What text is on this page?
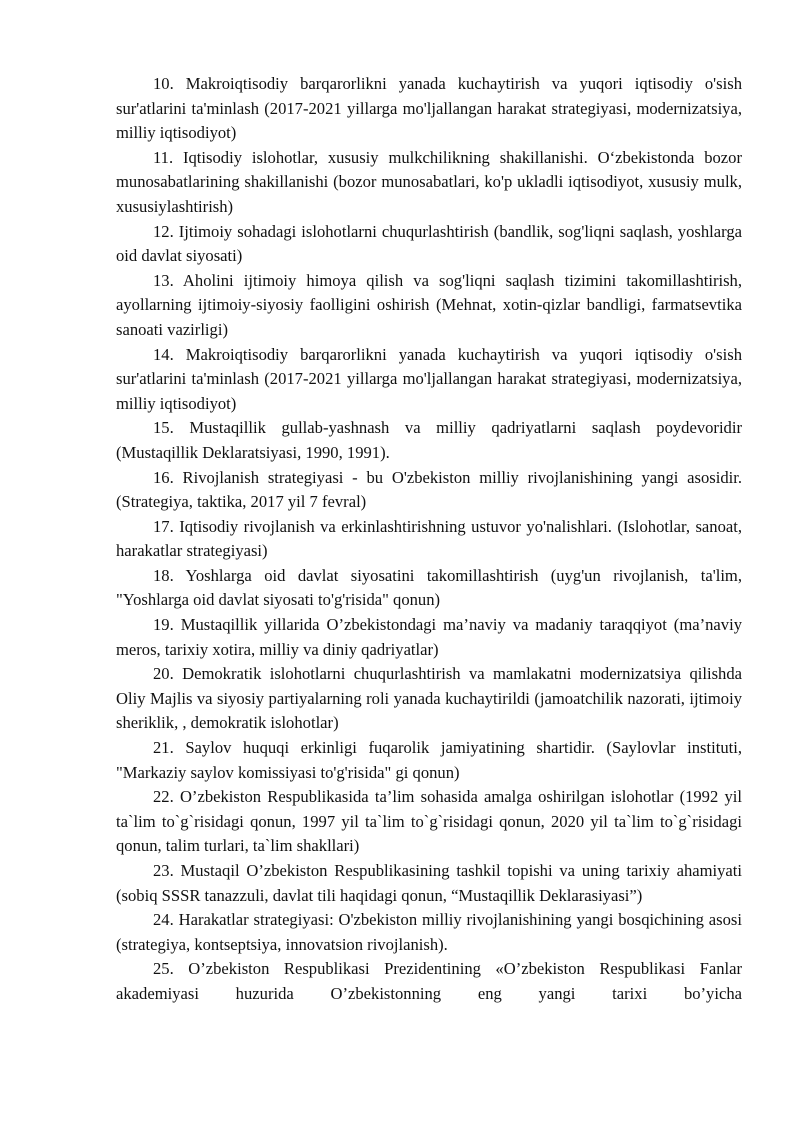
10. Makroiqtisodiy barqarorlikni yanada kuchaytirish va yuqori iqtisodiy o'sish sur'atlarini ta'minlash (2017-2021 yillarga mo'ljallangan harakat strategiyasi, modernizatsiya, milliy iqtisodiyot)

11. Iqtisodiy islohotlar, xususiy mulkchilikning shakillanishi. O‘zbekistonda bozor munosabatlarining shakillanishi (bozor munosabatlari, ko'p ukladli iqtisodiyot, xususiy mulk, xususiylashtirish)

12. Ijtimoiy sohadagi islohotlarni chuqurlashtirish (bandlik, sog'liqni saqlash, yoshlarga oid davlat siyosati)

13. Aholini ijtimoiy himoya qilish va sog'liqni saqlash tizimini takomillashtirish, ayollarning ijtimoiy-siyosiy faolligini oshirish (Mehnat, xotin-qizlar bandligi, farmatsevtika sanoati vazirligi)

14. Makroiqtisodiy barqarorlikni yanada kuchaytirish va yuqori iqtisodiy o'sish sur'atlarini ta'minlash (2017-2021 yillarga mo'ljallangan harakat strategiyasi, modernizatsiya, milliy iqtisodiyot)

15. Mustaqillik gullab-yashnash va milliy qadriyatlarni saqlash poydevoridir (Mustaqillik Deklaratsiyasi, 1990, 1991).

16. Rivojlanish strategiyasi - bu O'zbekiston milliy rivojlanishining yangi asosidir. (Strategiya, taktika, 2017 yil 7 fevral)

17. Iqtisodiy rivojlanish va erkinlashtirishning ustuvor yo'nalishlari. (Islohotlar, sanoat, harakatlar strategiyasi)

18. Yoshlarga oid davlat siyosatini takomillashtirish (uyg'un rivojlanish, ta'lim, "Yoshlarga oid davlat siyosati to'g'risida" qonun)

19. Mustaqillik yillarida O’zbekistondagi ma’naviy va madaniy taraqqiyot (ma’naviy meros, tarixiy xotira, milliy va diniy qadriyatlar)

20. Demokratik islohotlarni chuqurlashtirish va mamlakatni modernizatsiya qilishda Oliy Majlis va siyosiy partiyalarning roli yanada kuchaytirildi (jamoatchilik nazorati, ijtimoiy sheriklik, , demokratik islohotlar)

21. Saylov huquqi erkinligi fuqarolik jamiyatining shartidir. (Saylovlar instituti, "Markaziy saylov komissiyasi to'g'risida" gi qonun)

22. O’zbekiston Respublikasida ta’lim sohasida amalga oshirilgan islohotlar (1992 yil ta`lim to`g`risidagi qonun, 1997 yil ta`lim to`g`risidagi qonun, 2020 yil ta`lim to`g`risidagi qonun, talim turlari, ta`lim shakllari)

23. Mustaqil O’zbekiston Respublikasining tashkil topishi va uning tarixiy ahamiyati (sobiq SSSR tanazzuli, davlat tili haqidagi qonun, “Mustaqillik Deklarasiyasi”)

24. Harakatlar strategiyasi: O'zbekiston milliy rivojlanishining yangi bosqichining asosi (strategiya, kontseptsiya, innovatsion rivojlanish).

25. O’zbekiston Respublikasi Prezidentining «O’zbekiston Respublikasi Fanlar akademiyasi huzurida O’zbekistonning eng yangi tarixi bo’yicha
